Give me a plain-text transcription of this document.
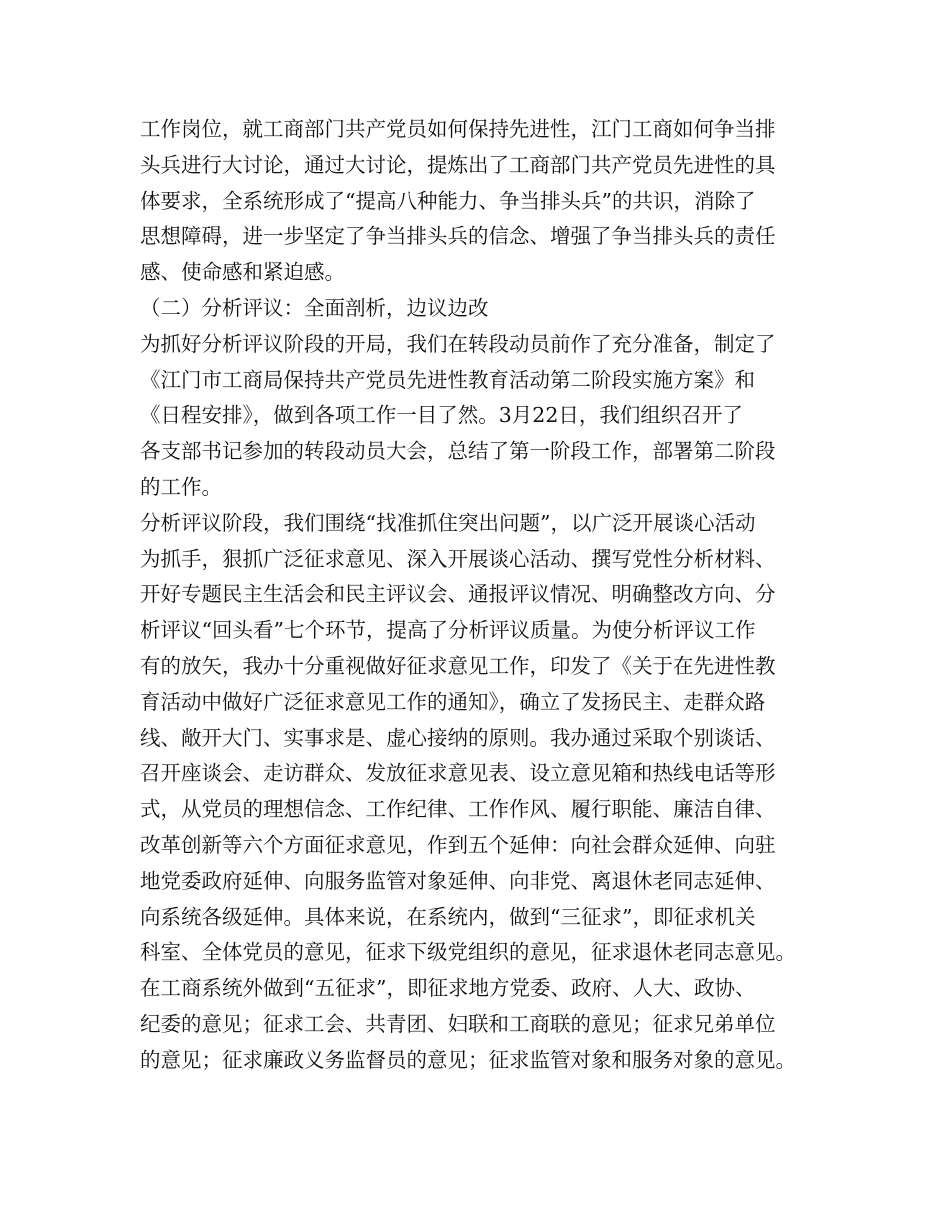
工作岗位，就工商部门共产党员如何保持先进性，江门工商如何争当排
头兵进行大讨论，通过大讨论，提炼出了工商部门共产党员先进性的具
体要求，全系统形成了“提高八种能力、争当排头兵”的共识，消除了
思想障碍，进一步坚定了争当排头兵的信念、增强了争当排头兵的责任
感、使命感和紧迫感。
（二）分析评议：全面剖析，边议边改
为抓好分析评议阶段的开局，我们在转段动员前作了充分准备，制定了
《江门市工商局保持共产党员先进性教育活动第二阶段实施方案》和
《日程安排》，做到各项工作一目了然。3月22日，我们组织召开了
各支部书记参加的转段动员大会，总结了第一阶段工作，部署第二阶段
的工作。
分析评议阶段，我们围绕“找准抓住突出问题”，以广泛开展谈心活动
为抓手，狠抓广泛征求意见、深入开展谈心活动、撰写党性分析材料、
开好专题民主生活会和民主评议会、通报评议情况、明确整改方向、分
析评议“回头看”七个环节，提高了分析评议质量。为使分析评议工作
有的放矢，我办十分重视做好征求意见工作，印发了《关于在先进性教
育活动中做好广泛征求意见工作的通知》，确立了发扬民主、走群众路
线、敞开大门、实事求是、虚心接纳的原则。我办通过采取个别谈话、
召开座谈会、走访群众、发放征求意见表、设立意见箱和热线电话等形
式，从党员的理想信念、工作纪律、工作作风、履行职能、廉洁自律、
改革创新等六个方面征求意见，作到五个延伸：向社会群众延伸、向驻
地党委政府延伸、向服务监管对象延伸、向非党、离退休老同志延伸、
向系统各级延伸。具体来说，在系统内，做到“三征求”，即征求机关
科室、全体党员的意见，征求下级党组织的意见，征求退休老同志意见。
在工商系统外做到“五征求”，即征求地方党委、政府、人大、政协、
纪委的意见；征求工会、共青团、妇联和工商联的意见；征求兄弟单位
的意见；征求廉政义务监督员的意见；征求监管对象和服务对象的意见。
